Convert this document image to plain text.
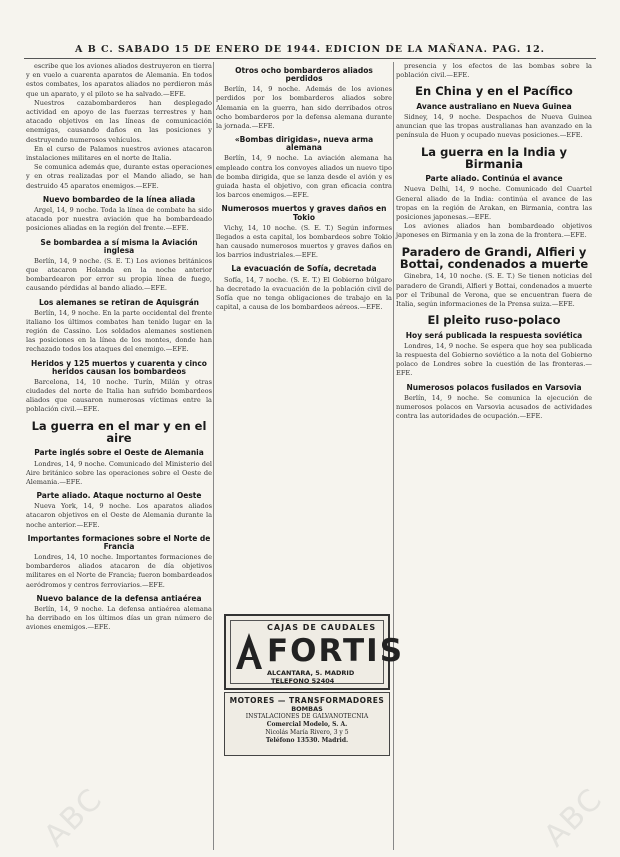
A B C. SABADO 15 DE ENERO DE 1944. EDICION DE LA MAÑANA. PAG. 12.
escribe que los aviones aliados destruyeron en tierra y en vuelo a cuarenta aparatos de Alemania. En todos estos combates, los aparatos aliados no perdieron más que un aparato, y el piloto se ha salvado.—EFE.
Nuestros cazabombarderos han desplegado actividad en apoyo de las fuerzas terrestres y han atacado objetivos en las líneas de comunicación enemigas, causando daños en las posiciones y destruyendo numerosos vehículos.
En el curso de Palamos nuestros aviones atacaron instalaciones militares en el norte de Italia.
Se comunica además que, durante estas operaciones y en otras realizadas por el Mando aliado, se han destruido 45 aparatos enemigos.—EFE.
Nuevo bombardeo de la línea aliada
Argel, 14, 9 noche. Toda la línea de combate ha sido atacada por nuestra aviación que ha bombardeado posiciones aliadas en la región del frente.—EFE.
Se bombardea a sí misma la Aviación inglesa
Berlín, 14, 9 noche. (S. E. T.) Los aviones británicos que atacaron Holanda en la noche anterior bombardearon por error su propia línea de fuego, causando pérdidas al bando aliado.—EFE.
Los alemanes se retiran de Aquisgrán
Berlín, 14, 9 noche. En la parte occidental del frente italiano los últimos combates han tenido lugar en la región de Cassino. Los soldados alemanes sostienen las posiciones en la línea de los montes, donde han rechazado todos los ataques del enemigo.—EFE.
Heridos y 125 muertos y cuarenta y cinco heridos causan los bombardeos
Barcelona, 14, 10 noche. Turín, Milán y otras ciudades del norte de Italia han sufrido bombardeos aliados que causaron numerosas víctimas entre la población civil.—EFE.
La guerra en el mar y en el aire
Parte inglés sobre el Oeste de Alemania
Londres, 14, 9 noche. Comunicado del Ministerio del Aire británico sobre las operaciones sobre el Oeste de Alemania.—EFE.
Parte aliado. Ataque nocturno al Oeste
Nueva York, 14, 9 noche. Los aparatos aliados atacaron objetivos en el Oeste de Alemania durante la noche anterior.—EFE.
Importantes formaciones sobre el Norte de Francia
Londres, 14, 10 noche. Importantes formaciones de bombarderos aliados atacaron de día objetivos militares en el Norte de Francia; fueron bombardeados aeródromos y centros ferroviarios.—EFE.
Nuevo balance de la defensa antiaérea
Berlín, 14, 9 noche. La defensa antiaérea alemana ha derribado en los últimos días un gran número de aviones enemigos.—EFE.
Otros ocho bombarderos aliados perdidos
Berlín, 14, 9 noche. Además de los aviones perdidos por los bombarderos aliados sobre Alemania en la guerra, han sido derribados otros ocho bombarderos por la defensa alemana durante la jornada.—EFE.
«Bombas dirigidas», nueva arma alemana
Berlín, 14, 9 noche. La aviación alemana ha empleado contra los convoyes aliados un nuevo tipo de bomba dirigida, que se lanza desde el avión y es guiada hasta el objetivo, con gran eficacia contra los barcos enemigos.—EFE.
Numerosos muertos y graves daños en Tokio
Vichy, 14, 10 noche. (S. E. T.) Según informes llegados a esta capital, los bombardeos sobre Tokio han causado numerosos muertos y graves daños en los barrios industriales.—EFE.
La evacuación de Sofía, decretada
Sofía, 14, 7 noche. (S. E. T.) El Gobierno búlgaro ha decretado la evacuación de la población civil de Sofía que no tenga obligaciones de trabajo en la capital, a causa de los bombardeos aéreos.—EFE.
presencia y los efectos de las bombas sobre la población civil.—EFE.
En China y en el Pacífico
Avance australiano en Nueva Guinea
Sidney, 14, 9 noche. Despachos de Nueva Guinea anuncian que las tropas australianas han avanzado en la península de Huon y ocupado nuevas posiciones.—EFE.
La guerra en la India y Birmania
Parte aliado. Continúa el avance
Nueva Delhi, 14, 9 noche. Comunicado del Cuartel General aliado de la India: continúa el avance de las tropas en la región de Arakan, en Birmania, contra las posiciones japonesas.—EFE.
Los aviones aliados han bombardeado objetivos japoneses en Birmania y en la zona de la frontera.—EFE.
Paradero de Grandi, Alfieri y Bottai, condenados a muerte
Ginebra, 14, 10 noche. (S. E. T.) Se tienen noticias del paradero de Grandi, Alfieri y Bottai, condenados a muerte por el Tribunal de Verona, que se encuentran fuera de Italia, según informaciones de la Prensa suiza.—EFE.
El pleito ruso-polaco
Hoy será publicada la respuesta soviética
Londres, 14, 9 noche. Se espera que hoy sea publicada la respuesta del Gobierno soviético a la nota del Gobierno polaco de Londres sobre la cuestión de las fronteras.—EFE.
Numerosos polacos fusilados en Varsovia
Berlín, 14, 9 noche. Se comunica la ejecución de numerosos polacos en Varsovia acusados de actividades contra las autoridades de ocupación.—EFE.
CAJAS DE CAUDALES
FORTIS
ALCANTARA, 5. MADRID TELEFONO 52404
MOTORES — TRANSFORMADORES
BOMBAS
INSTALACIONES DE GALVANOTECNIA
Comercial Modelo, S. A.
Nicolás María Rivero, 3 y 5
Teléfono 13530. Madrid.
ABC	ABC
